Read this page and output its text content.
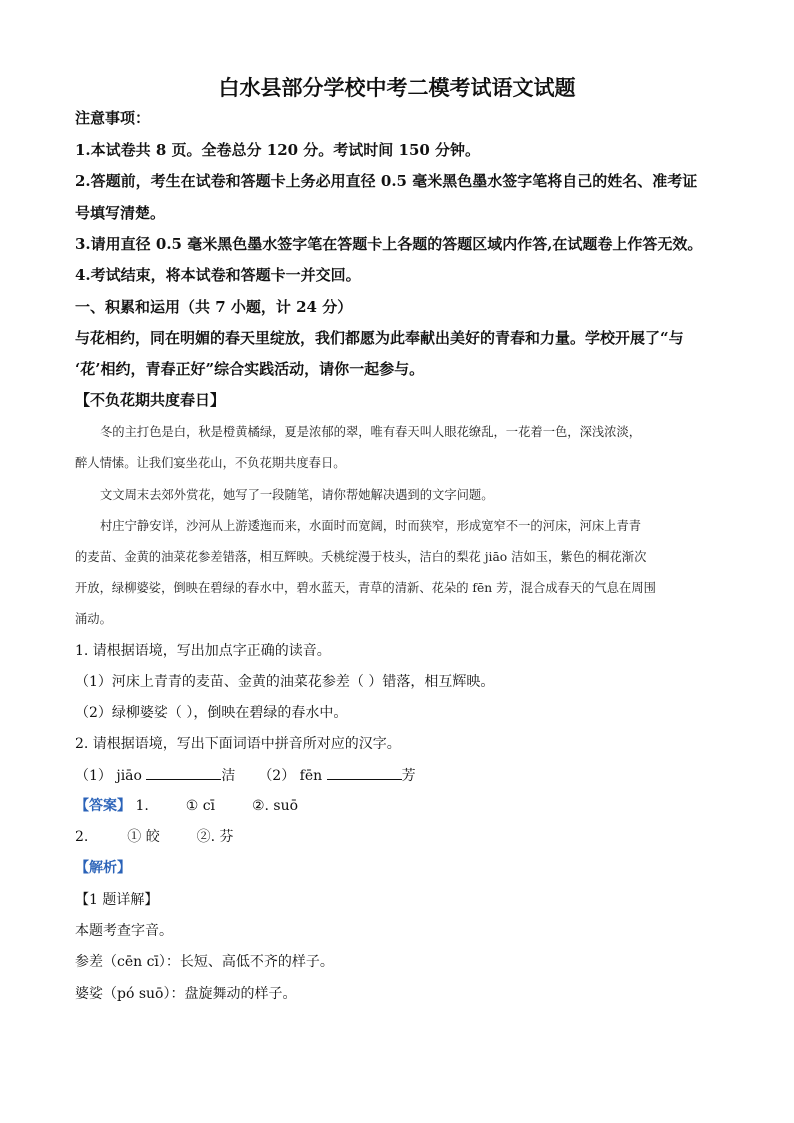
白水县部分学校中考二模考试语文试题
注意事项：
1.本试卷共 8 页。全卷总分 120 分。考试时间 150 分钟。
2.答题前，考生在试卷和答题卡上务必用直径 0.5 毫米黑色墨水签字笔将自己的姓名、准考证
号填写清楚。
3.请用直径 0.5 毫米黑色墨水签字笔在答题卡上各题的答题区域内作答,在试题卷上作答无效。
4.考试结束，将本试卷和答题卡一并交回。
一、积累和运用（共 7 小题，计 24 分）
与花相约，同在明媚的春天里绽放，我们都愿为此奉献出美好的青春和力量。学校开展了“与
‘花’相约，青春正好”综合实践活动，请你一起参与。
【不负花期共度春日】
冬的主打色是白，秋是橙黄橘绿，夏是浓郁的翠，唯有春天叫人眼花缭乱，一花着一色，深浅浓淡，
醉人情愫。让我们宴坐花山，不负花期共度春日。
文文周末去郊外赏花，她写了一段随笔，请你帮她解决遇到的文字问题。
村庄宁静安详，沙河从上游逶迤而来，水面时而宽阔，时而狭窄，形成宽窄不一的河床，河床上青青
的麦苗、金黄的油菜花参差错落，相互辉映。夭桃绽漫于枝头，洁白的梨花 jiāo 洁如玉，紫色的桐花渐次
开放，绿柳婆娑，倒映在碧绿的春水中，碧水蓝天，青草的清新、花朵的 fēn 芳，混合成春天的气息在周围
涌动。
1. 请根据语境，写出加点字正确的读音。
（1）河床上青青的麦苗、金黄的油菜花参差（ ）错落，相互辉映。
（2）绿柳婆娑（ ），倒映在碧绿的春水中。
2. 请根据语境，写出下面词语中拼音所对应的汉字。
（1） jiāo	洁 （2） fēn	芳
【答案】 1.	① cī	②. suō
2.	① 皎	②. 芬
【解析】
【1 题详解】
本题考查字音。
参差（cēn cī）：长短、高低不齐的样子。
婆娑（pó suō）：盘旋舞动的样子。
